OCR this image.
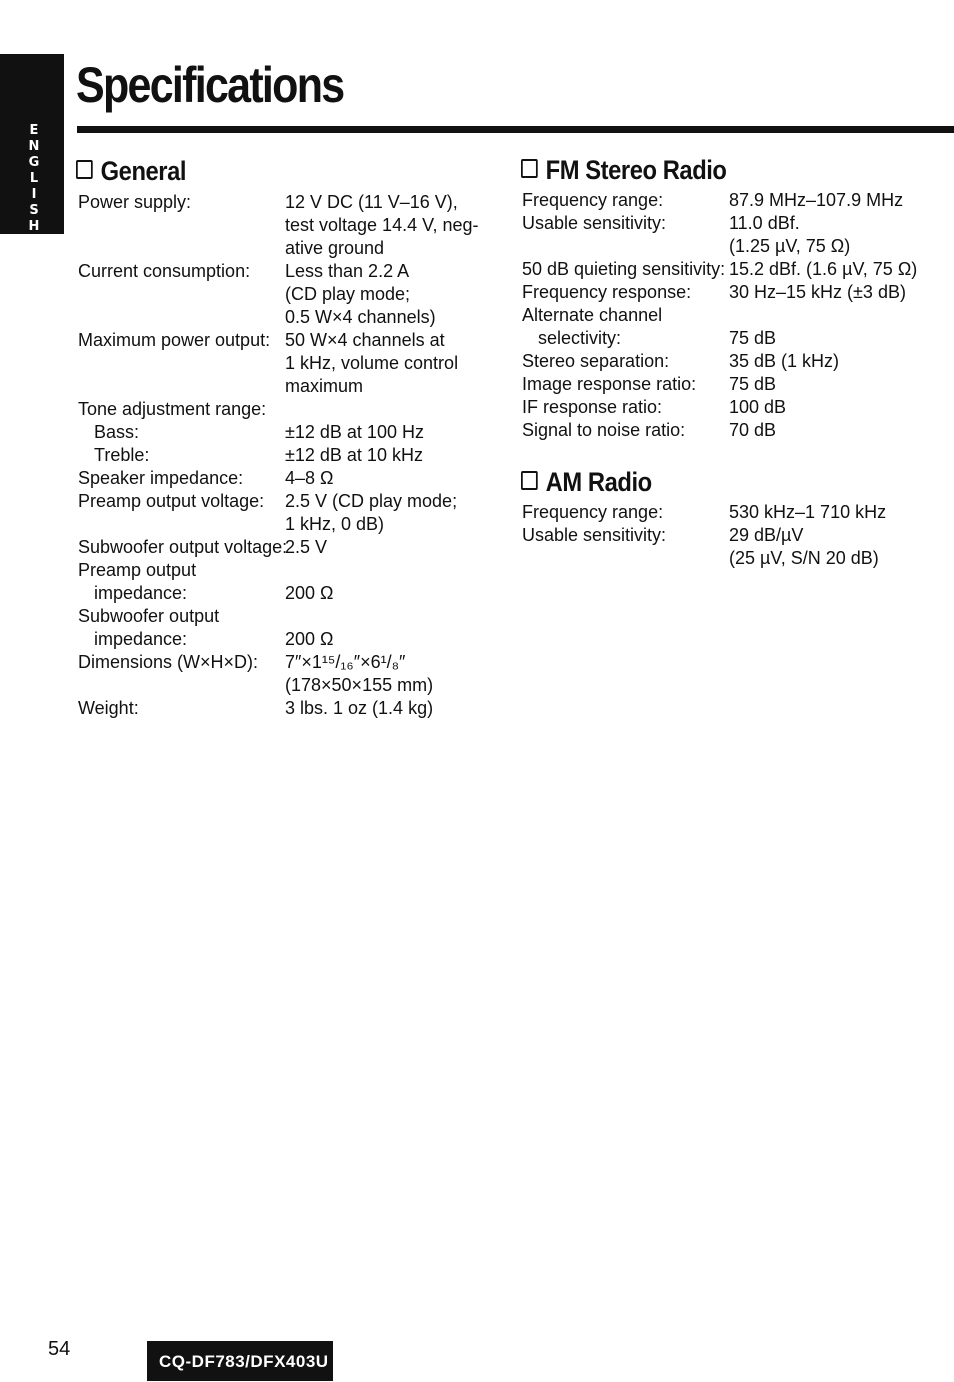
E
N
G
L
I
S
H
39
Specifications
General
Power supply:	12 V DC (11 V–16 V),
test voltage 14.4 V, neg-
ative ground
Current consumption: Less than 2.2 A
(CD play mode;
0.5 W×4 channels)
Maximum power output: 50 W×4 channels at
1 kHz, volume control
maximum
Tone adjustment range:
Bass:	±12 dB at 100 Hz
Treble:	±12 dB at 10 kHz
Speaker impedance: 4–8 Ω
Preamp output voltage: 2.5 V (CD play mode;
1 kHz, 0 dB)
Subwoofer output voltage:
2.5 V
Preamp output
impedance:	200 Ω
Subwoofer output
impedance:	200 Ω
Dimensions (W×H×D): 7″×1¹⁵/₁₆″×6¹/₈″
(178×50×155 mm)
Weight:	3 lbs. 1 oz (1.4 kg)
FM Stereo Radio
Frequency range:	87.9 MHz–107.9 MHz
Usable sensitivity:	11.0 dBf.
(1.25 µV, 75 Ω)
50 dB quieting sensitivity: 15.2 dBf. (1.6 µV, 75 Ω)
Frequency response: 30 Hz–15 kHz (±3 dB)
Alternate channel
selectivity:	75 dB
Stereo separation:	35 dB (1 kHz)
Image response ratio: 75 dB
IF response ratio:	100 dB
Signal to noise ratio: 70 dB
AM Radio
Frequency range:	530 kHz–1 710 kHz
Usable sensitivity:	29 dB/µV
(25 µV, S/N 20 dB)
54
CQ-DF783/DFX403U
